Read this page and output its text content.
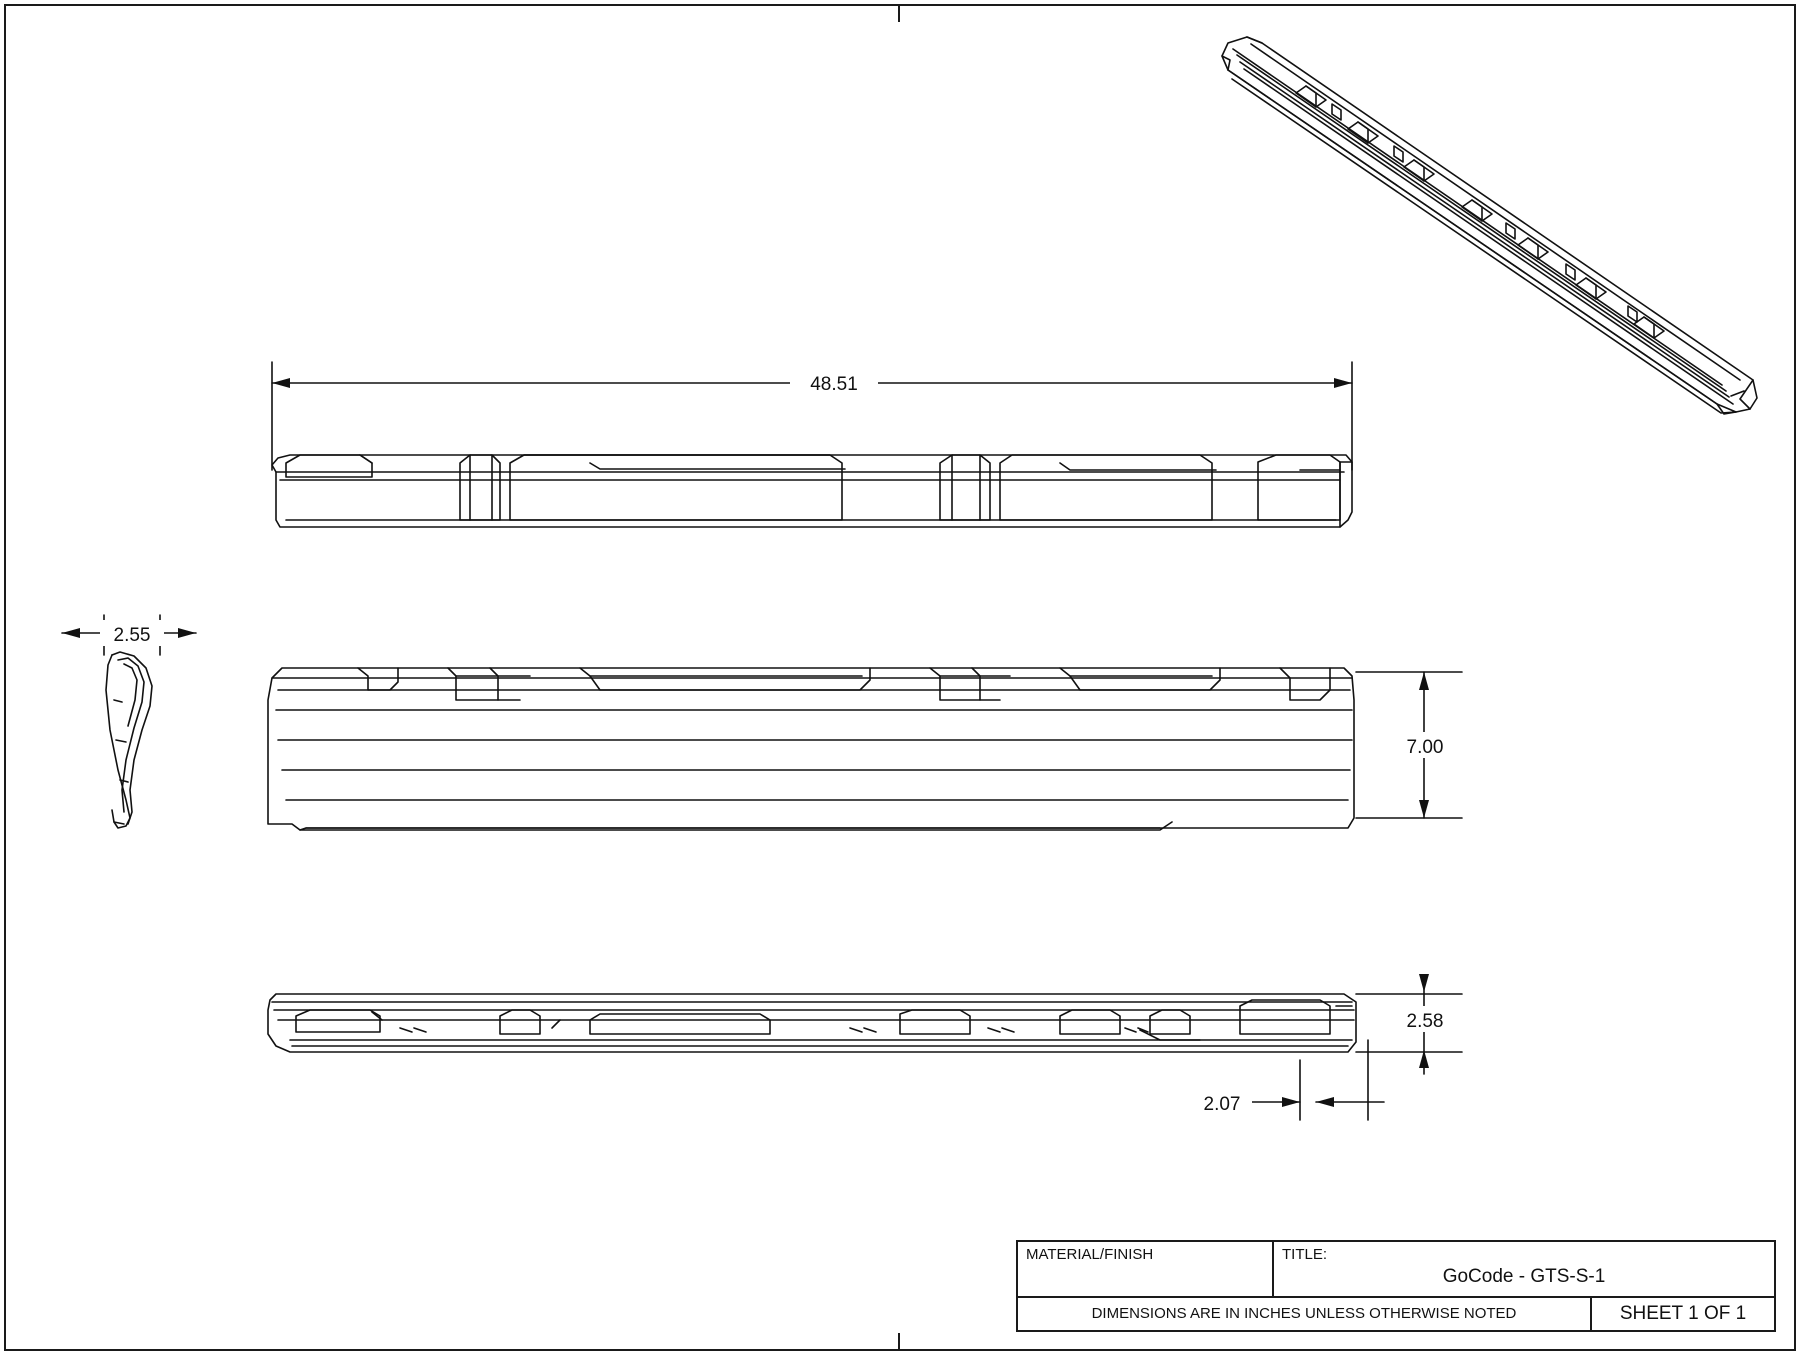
48.51
2.55
7.00
2.58
2.07
MATERIAL/FINISH	TITLE:
GoCode - GTS-S-1
DIMENSIONS ARE IN INCHES UNLESS OTHERWISE NOTED	SHEET 1 OF 1
